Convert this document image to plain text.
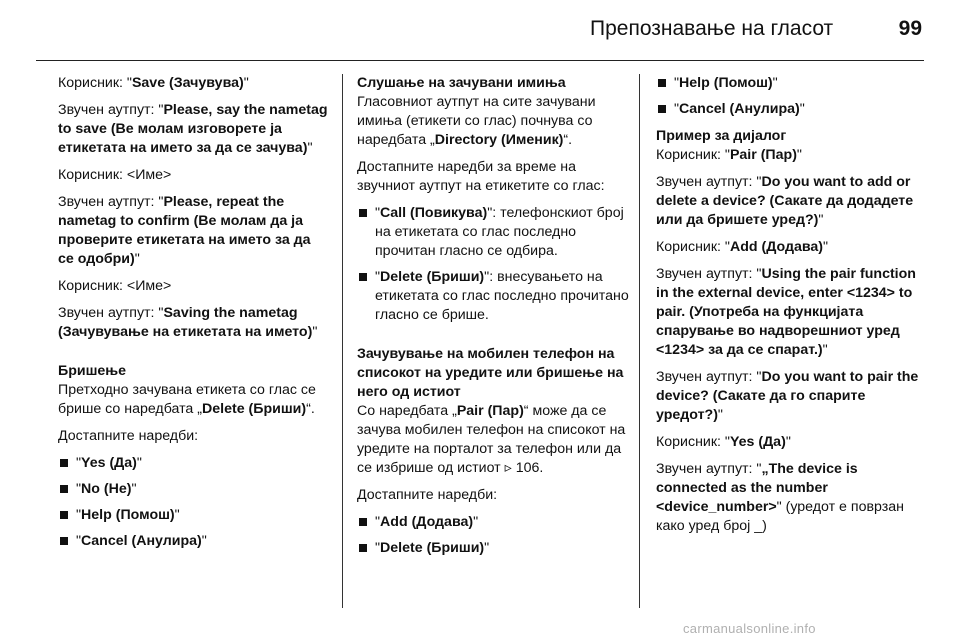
Препознавање на гласот	99

Корисник: "Save (Зачувува)"

Звучен аутпут: "Please, say the nametag to save (Ве молам изговорете ја етикетата на името за да се зачува)"

Корисник: <Име>

Звучен аутпут: "Please, repeat the nametag to confirm (Ве молам да ја проверите етикетата на името за да се одобри)"

Корисник: <Име>

Звучен аутпут: "Saving the nametag (Зачувување на етикетата на името)"

Бришење

Претходно зачувана етикета со глас се брише со наредбата „Delete (Бриши)“.

Достапните наредби:

"Yes (Да)"
"No (Не)"
"Help (Помош)"
"Cancel (Анулира)"

Слушање на зачувани имиња

Гласовниот аутпут на сите зачувани имиња (етикети со глас) почнува со наредбата „Directory (Именик)“.

Достапните наредби за време на звучниот аутпут на етикетите со глас:

"Call (Повикува)": телефонскиот број на етикетата со глас последно прочитан гласно се одбира.
"Delete (Бриши)": внесувањето на етикетата со глас последно прочитано гласно се брише.

Зачувување на мобилен телефон на списокот на уредите или бришење на него од истиот

Со наредбата „Pair (Пар)“ може да се зачува мобилен телефон на списокот на уредите на порталот за телефон или да се избрише од истиот ▹ 106.

Достапните наредби:

"Add (Додава)"
"Delete (Бриши)"
"Help (Помош)"
"Cancel (Анулира)"

Пример за дијалог

Корисник: "Pair (Пар)"

Звучен аутпут: "Do you want to add or delete a device? (Сакате да додадете или да бришете уред?)"

Корисник: "Add (Додава)"

Звучен аутпут: "Using the pair function in the external device, enter <1234> to pair. (Употреба на функцијата спарување во надворешниот уред <1234> за да се спарат.)"

Звучен аутпут: "Do you want to pair the device? (Сакате да го спарите уредот?)"

Корисник: "Yes (Да)"

Звучен аутпут: "„The device is connected as the number <device_number>" (уредот е поврзан како уред број _)

carmanualsonline.info
